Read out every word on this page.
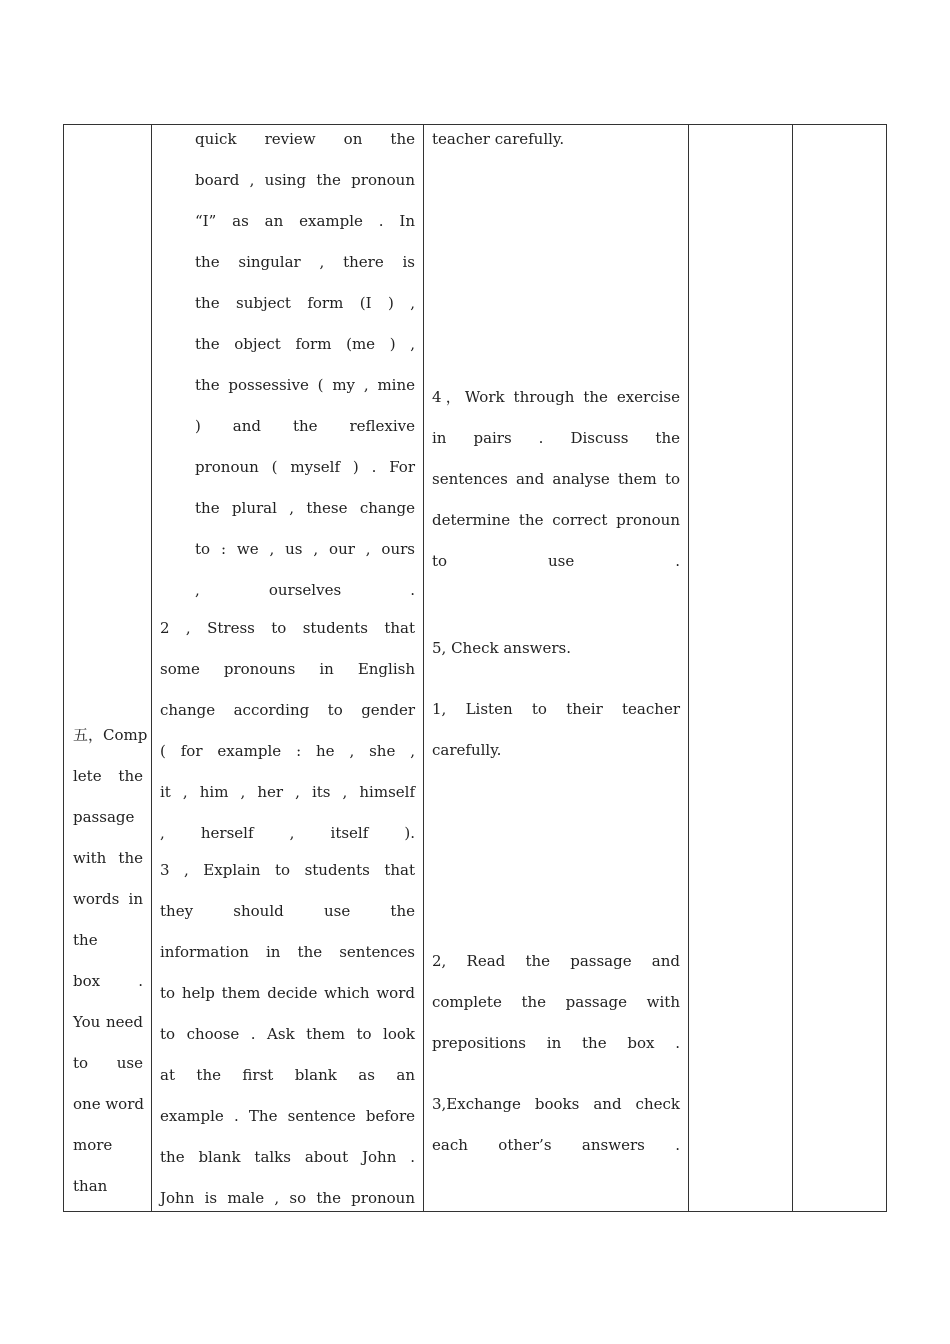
五，Comp
lete the
passage
with the
words in
the
box .
You need
to use
one word
more
than
quick review on the
board , using the pronoun
“I” as an example . In
the singular , there is
the subject form (I ) ,
the object form (me ) ,
the possessive ( my , mine
) and the reflexive
pronoun ( myself ) . For
the plural , these change
to : we , us , our , ours
, ourselves .
2 , Stress to students that
some pronouns in English
change according to gender
( for example : he , she ,
it , him , her , its , himself
, herself , itself ).
3 , Explain to students that
they should use the
information in the sentences
to help them decide which word
to choose . Ask them to look
at the first blank as an
example . The sentence before
the blank talks about John .
John is male , so the pronoun
teacher carefully.
4，Work through the exercise
in pairs . Discuss the
sentences and analyse them to
determine the correct pronoun
to use .
5, Check answers.
1, Listen to their teacher
carefully.
2, Read the passage and
complete the passage with
prepositions in the box .
3,Exchange books and check
each other’s answers .
